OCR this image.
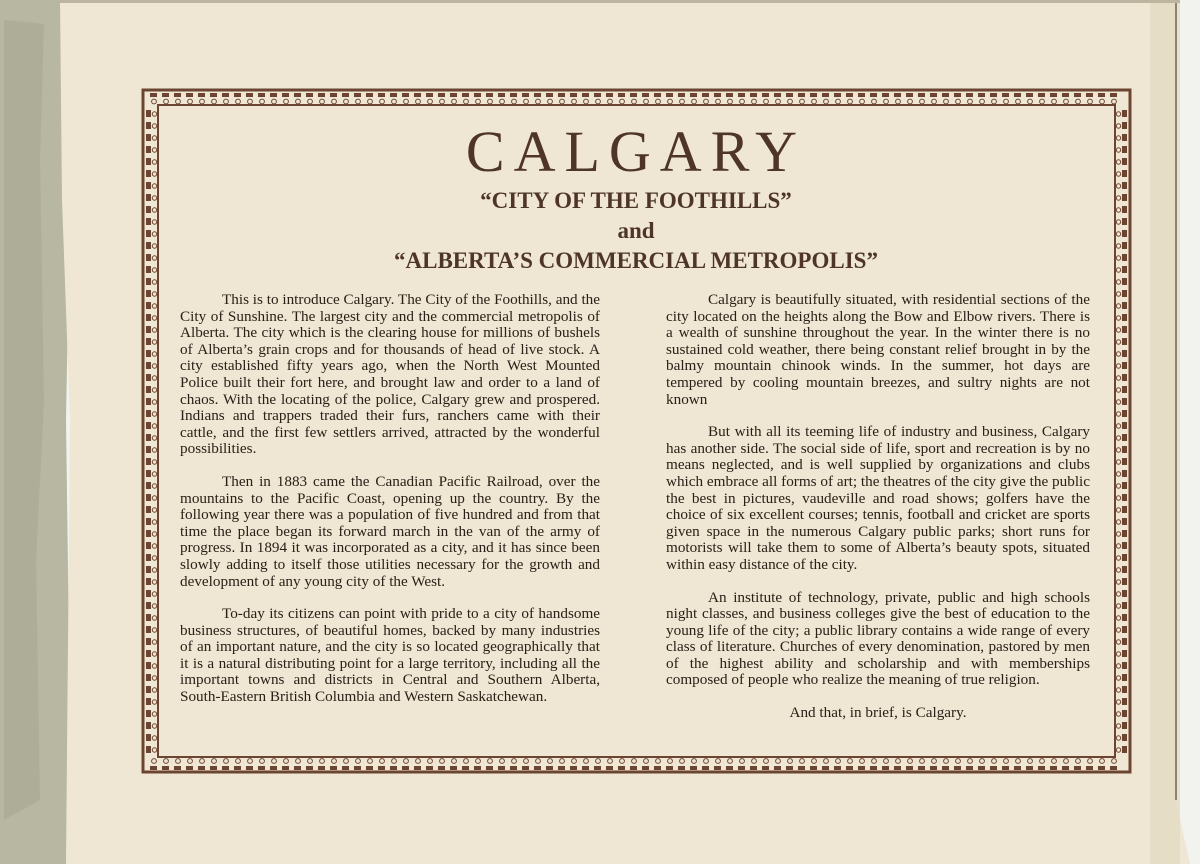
CALGARY
“CITY OF THE FOOTHILLS”
and
“ALBERTA’S COMMERCIAL METROPOLIS”

This is to introduce Calgary. The City of the Foothills, and the City of Sunshine. The largest city and the commercial metropolis of Alberta. The city which is the clearing house for millions of bushels of Alberta’s grain crops and for thousands of head of live stock. A city established fifty years ago, when the North West Mounted Police built their fort here, and brought law and order to a land of chaos. With the locating of the police, Calgary grew and prospered. Indians and trappers traded their furs, ranchers came with their cattle, and the first few settlers arrived, attracted by the wonderful possibilities.

Then in 1883 came the Canadian Pacific Railroad, over the mountains to the Pacific Coast, opening up the country. By the following year there was a population of five hundred and from that time the place began its forward march in the van of the army of progress. In 1894 it was incorporated as a city, and it has since been slowly adding to itself those utilities necessary for the growth and development of any young city of the West.

To-day its citizens can point with pride to a city of handsome business structures, of beautiful homes, backed by many industries of an important nature, and the city is so located geographically that it is a natural distributing point for a large territory, including all the important towns and districts in Central and Southern Alberta, South-Eastern British Columbia and Western Saskatchewan.

Calgary is beautifully situated, with residential sections of the city located on the heights along the Bow and Elbow rivers. There is a wealth of sunshine throughout the year. In the winter there is no sustained cold weather, there being constant relief brought in by the balmy mountain chinook winds. In the summer, hot days are tempered by cooling mountain breezes, and sultry nights are not known

But with all its teeming life of industry and business, Calgary has another side. The social side of life, sport and recreation is by no means neglected, and is well supplied by organizations and clubs which embrace all forms of art; the theatres of the city give the public the best in pictures, vaudeville and road shows; golfers have the choice of six excellent courses; tennis, football and cricket are sports given space in the numerous Calgary public parks; short runs for motorists will take them to some of Alberta’s beauty spots, situated within easy distance of the city.

An institute of technology, private, public and high schools night classes, and business colleges give the best of education to the young life of the city; a public library contains a wide range of every class of literature. Churches of every denomination, pastored by men of the highest ability and scholarship and with memberships composed of people who realize the meaning of true religion.

And that, in brief, is Calgary.
